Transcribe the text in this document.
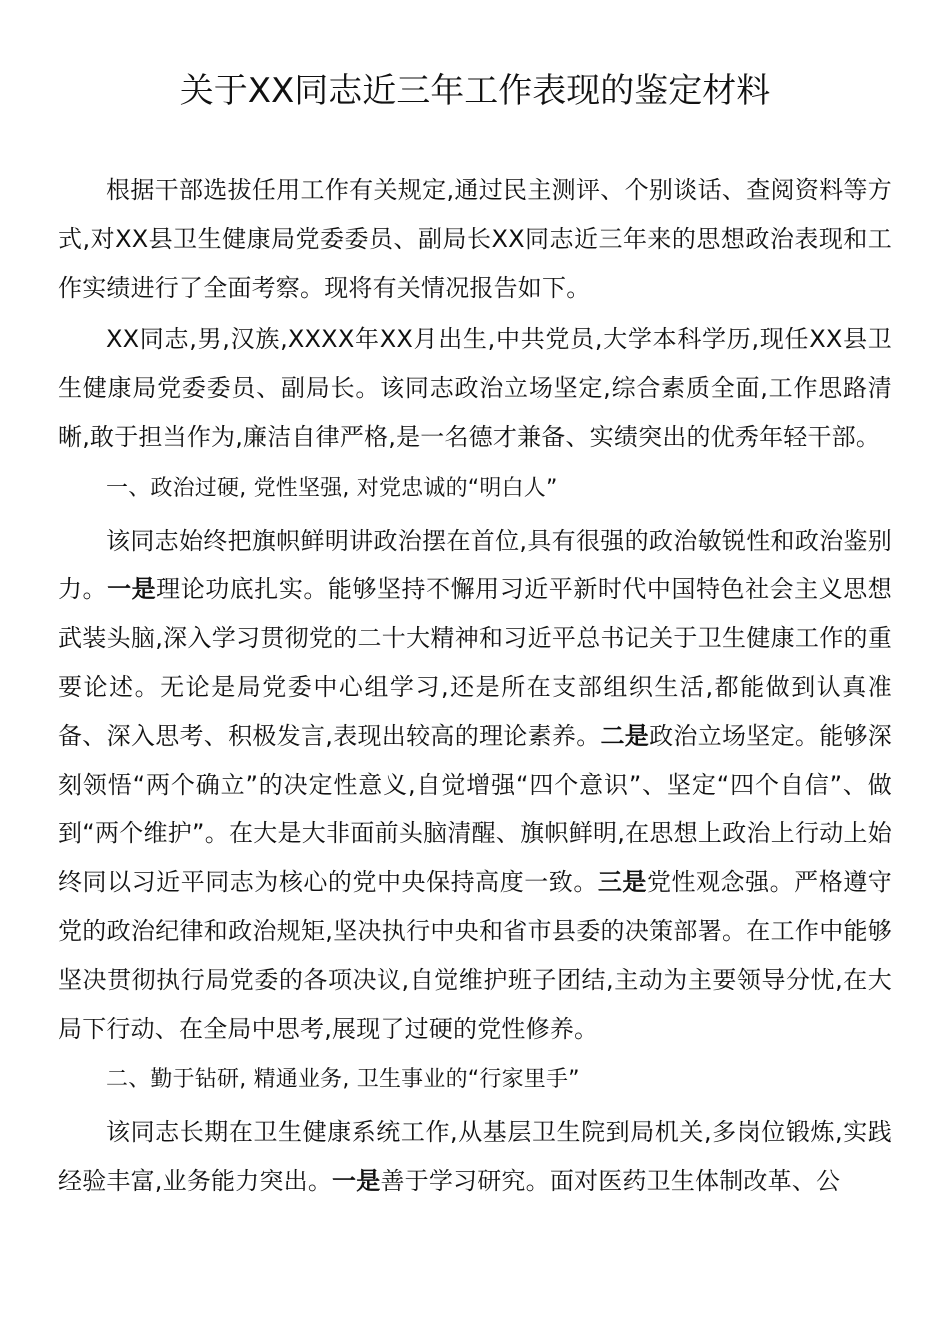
关于XX同志近三年工作表现的鉴定材料

根据干部选拔任用工作有关规定,通过民主测评、个别谈话、查阅资料等方式,对XX县卫生健康局党委委员、副局长XX同志近三年来的思想政治表现和工作实绩进行了全面考察。现将有关情况报告如下。

XX同志,男,汉族,XXXX年XX月出生,中共党员,大学本科学历,现任XX县卫生健康局党委委员、副局长。该同志政治立场坚定,综合素质全面,工作思路清晰,敢于担当作为,廉洁自律严格,是一名德才兼备、实绩突出的优秀年轻干部。

一、政治过硬, 党性坚强, 对党忠诚的“明白人”

该同志始终把旗帜鲜明讲政治摆在首位,具有很强的政治敏锐性和政治鉴别力。一是理论功底扎实。能够坚持不懈用习近平新时代中国特色社会主义思想武装头脑,深入学习贯彻党的二十大精神和习近平总书记关于卫生健康工作的重要论述。无论是局党委中心组学习,还是所在支部组织生活,都能做到认真准备、深入思考、积极发言,表现出较高的理论素养。二是政治立场坚定。能够深刻领悟“两个确立”的决定性意义,自觉增强“四个意识”、坚定“四个自信”、做到“两个维护”。在大是大非面前头脑清醒、旗帜鲜明,在思想上政治上行动上始终同以习近平同志为核心的党中央保持高度一致。三是党性观念强。严格遵守党的政治纪律和政治规矩,坚决执行中央和省市县委的决策部署。在工作中能够坚决贯彻执行局党委的各项决议,自觉维护班子团结,主动为主要领导分忧,在大局下行动、在全局中思考,展现了过硬的党性修养。

二、勤于钻研, 精通业务, 卫生事业的“行家里手”

该同志长期在卫生健康系统工作,从基层卫生院到局机关,多岗位锻炼,实践经验丰富,业务能力突出。一是善于学习研究。面对医药卫生体制改革、公
